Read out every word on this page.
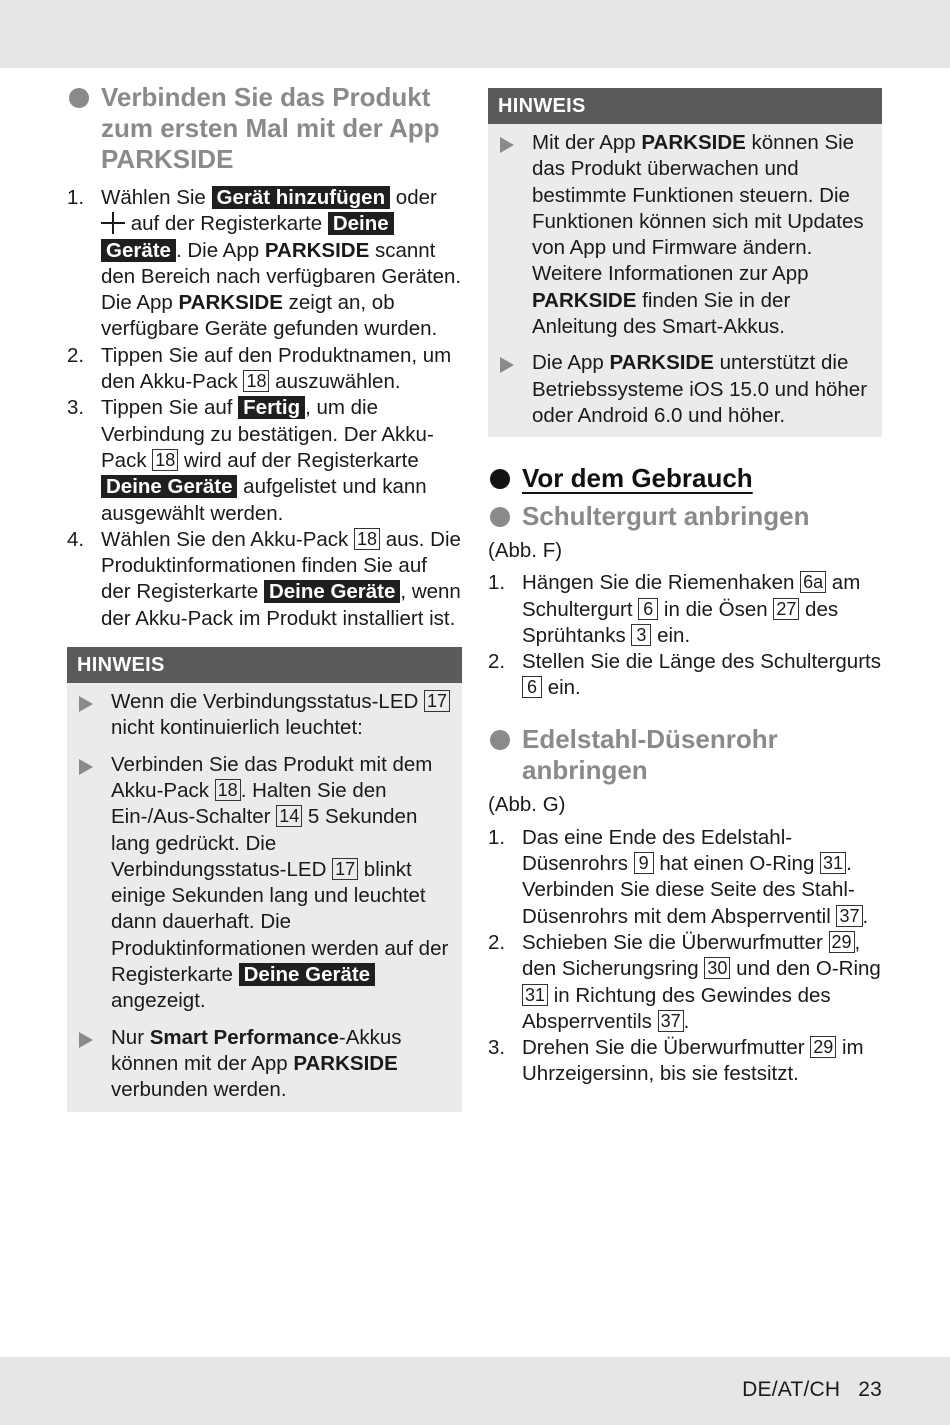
Verbinden Sie das Produkt zum ersten Mal mit der App PARKSIDE
1. Wählen Sie Gerät hinzufügen oder
auf der Registerkarte Deine
Geräte . Die App PARKSIDE scannt den Bereich nach verfügbaren Geräten. Die App PARKSIDE zeigt an, ob verfügbare Geräte gefunden wurden.
2. Tippen Sie auf den Produktnamen, um den Akku-Pack 18 auszuwählen.
3. Tippen Sie auf Fertig , um die Verbindung zu bestätigen. Der Akku-Pack 18 wird auf der Registerkarte Deine Geräte aufgelistet und kann ausgewählt werden.
4. Wählen Sie den Akku-Pack 18 aus. Die Produktinformationen finden Sie auf der Registerkarte Deine Geräte , wenn der Akku-Pack im Produkt installiert ist.
HINWEIS
Wenn die Verbindungsstatus-LED 17 nicht kontinuierlich leuchtet:
Verbinden Sie das Produkt mit dem Akku-Pack 18 . Halten Sie den Ein-/Aus-Schalter 14 5 Sekunden lang gedrückt. Die Verbindungsstatus-LED 17 blinkt einige Sekunden lang und leuchtet dann dauerhaft. Die Produktinformationen werden auf der Registerkarte Deine Geräte angezeigt.
Nur Smart Performance-Akkus können mit der App PARKSIDE verbunden werden.
HINWEIS
Mit der App PARKSIDE können Sie das Produkt überwachen und bestimmte Funktionen steuern. Die Funktionen können sich mit Updates von App und Firmware ändern. Weitere Informationen zur App PARKSIDE finden Sie in der Anleitung des Smart-Akkus.
Die App PARKSIDE unterstützt die Betriebssysteme iOS 15.0 und höher oder Android 6.0 und höher.
Vor dem Gebrauch
Schultergurt anbringen

(Abb. F)

1. Hängen Sie die Riemenhaken 6a am Schultergurt 6 in die Ösen 27 des Sprühtanks 3 ein.
2. Stellen Sie die Länge des Schultergurts 6 ein.
Edelstahl-Düsenrohr anbringen

(Abb. G)

1. Das eine Ende des Edelstahl-Düsenrohrs 9 hat einen O-Ring 31 . Verbinden Sie diese Seite des Stahl-Düsenrohrs mit dem Absperrventil 37 .
2. Schieben Sie die Überwurfmutter 29 , den Sicherungsring 30 und den O-Ring 31 in Richtung des Gewindes des Absperrventils 37 .
3. Drehen Sie die Überwurfmutter 29 im Uhrzeigersinn, bis sie festsitzt.
DE/AT/CH 23
